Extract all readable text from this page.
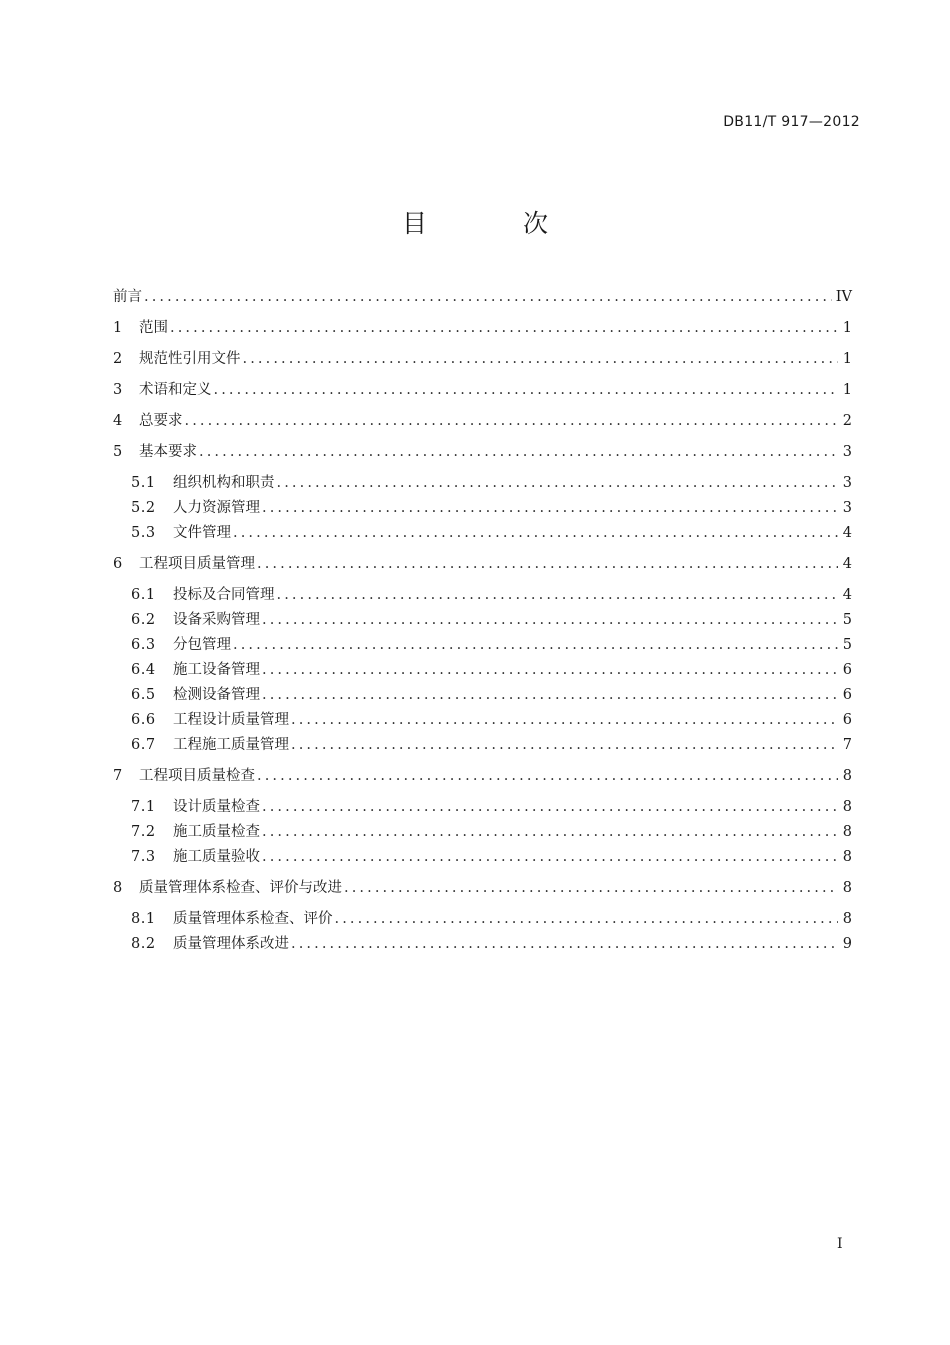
DB11/T 917—2012
目 次
前言 .....	IV
1	范围 .....	1
2	规范性引用文件 .....	1
3	术语和定义 .....	1
4	总要求 .....	2
5	基本要求 .....	3
5.1	组织机构和职责 .....	3
5.2	人力资源管理 .....	3
5.3	文件管理 .....	4
6	工程项目质量管理 .....	4
6.1	投标及合同管理 .....	4
6.2	设备采购管理 .....	5
6.3	分包管理 .....	5
6.4	施工设备管理 .....	6
6.5	检测设备管理 .....	6
6.6	工程设计质量管理 .....	6
6.7	工程施工质量管理 .....	7
7	工程项目质量检查 .....	8
7.1	设计质量检查 .....	8
7.2	施工质量检查 .....	8
7.3	施工质量验收 .....	8
8	质量管理体系检查、评价与改进 .....	8
8.1	质量管理体系检查、评价 .....	8
8.2	质量管理体系改进 .....	9
I
